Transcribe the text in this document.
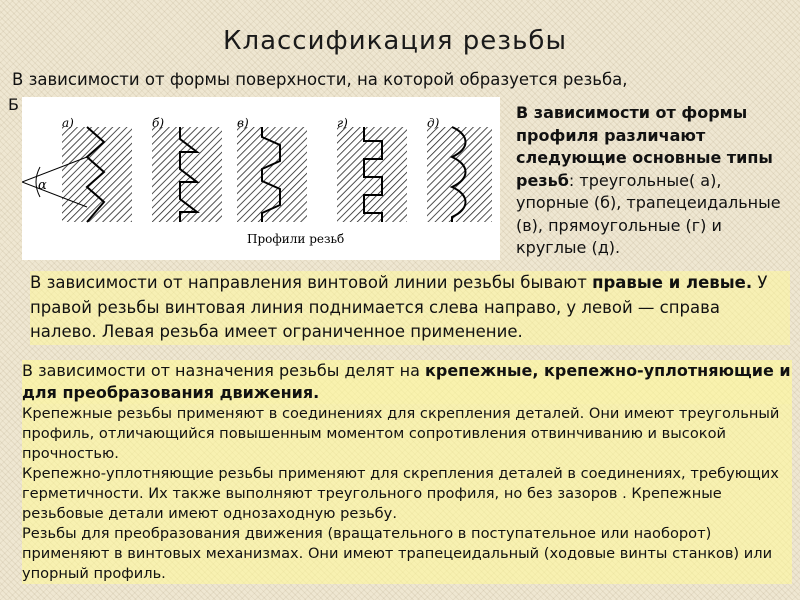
Классификация резьбы
Б
В зависимости от формы поверхности, на которой образуется резьба,
α
а)	б)	в)	г)	д)
Профили резьб
В зависимости от формы профиля различают следующие основные типы резьб: треугольные( а), упорные (б), трапецеидальные (в), прямоугольные (г) и круглые (д).
В зависимости от направления винтовой линии резьбы бывают правые и левые. У правой резьбы винтовая линия поднимается слева направо, у левой — справа налево. Левая резьба имеет ограниченное применение.
В зависимости от назначения резьбы делят на крепежные, крепежно-уплотняющие и для преобразования движения.

Крепежные резьбы применяют в соединениях для скрепления деталей. Они имеют треугольный профиль, отличающийся повышенным моментом сопротивления отвинчиванию и высокой прочностью.

Крепежно-уплотняющие резьбы применяют для скрепления деталей в соединениях, требующих герметичности. Их также выполняют треугольного профиля, но без зазоров . Крепежные резьбовые детали имеют однозаходную резьбу.

Резьбы для преобразования движения (вращательного в поступательное или наоборот) применяют в винтовых механизмах. Они имеют трапецеидальный (ходовые винты станков) или упорный профиль.
